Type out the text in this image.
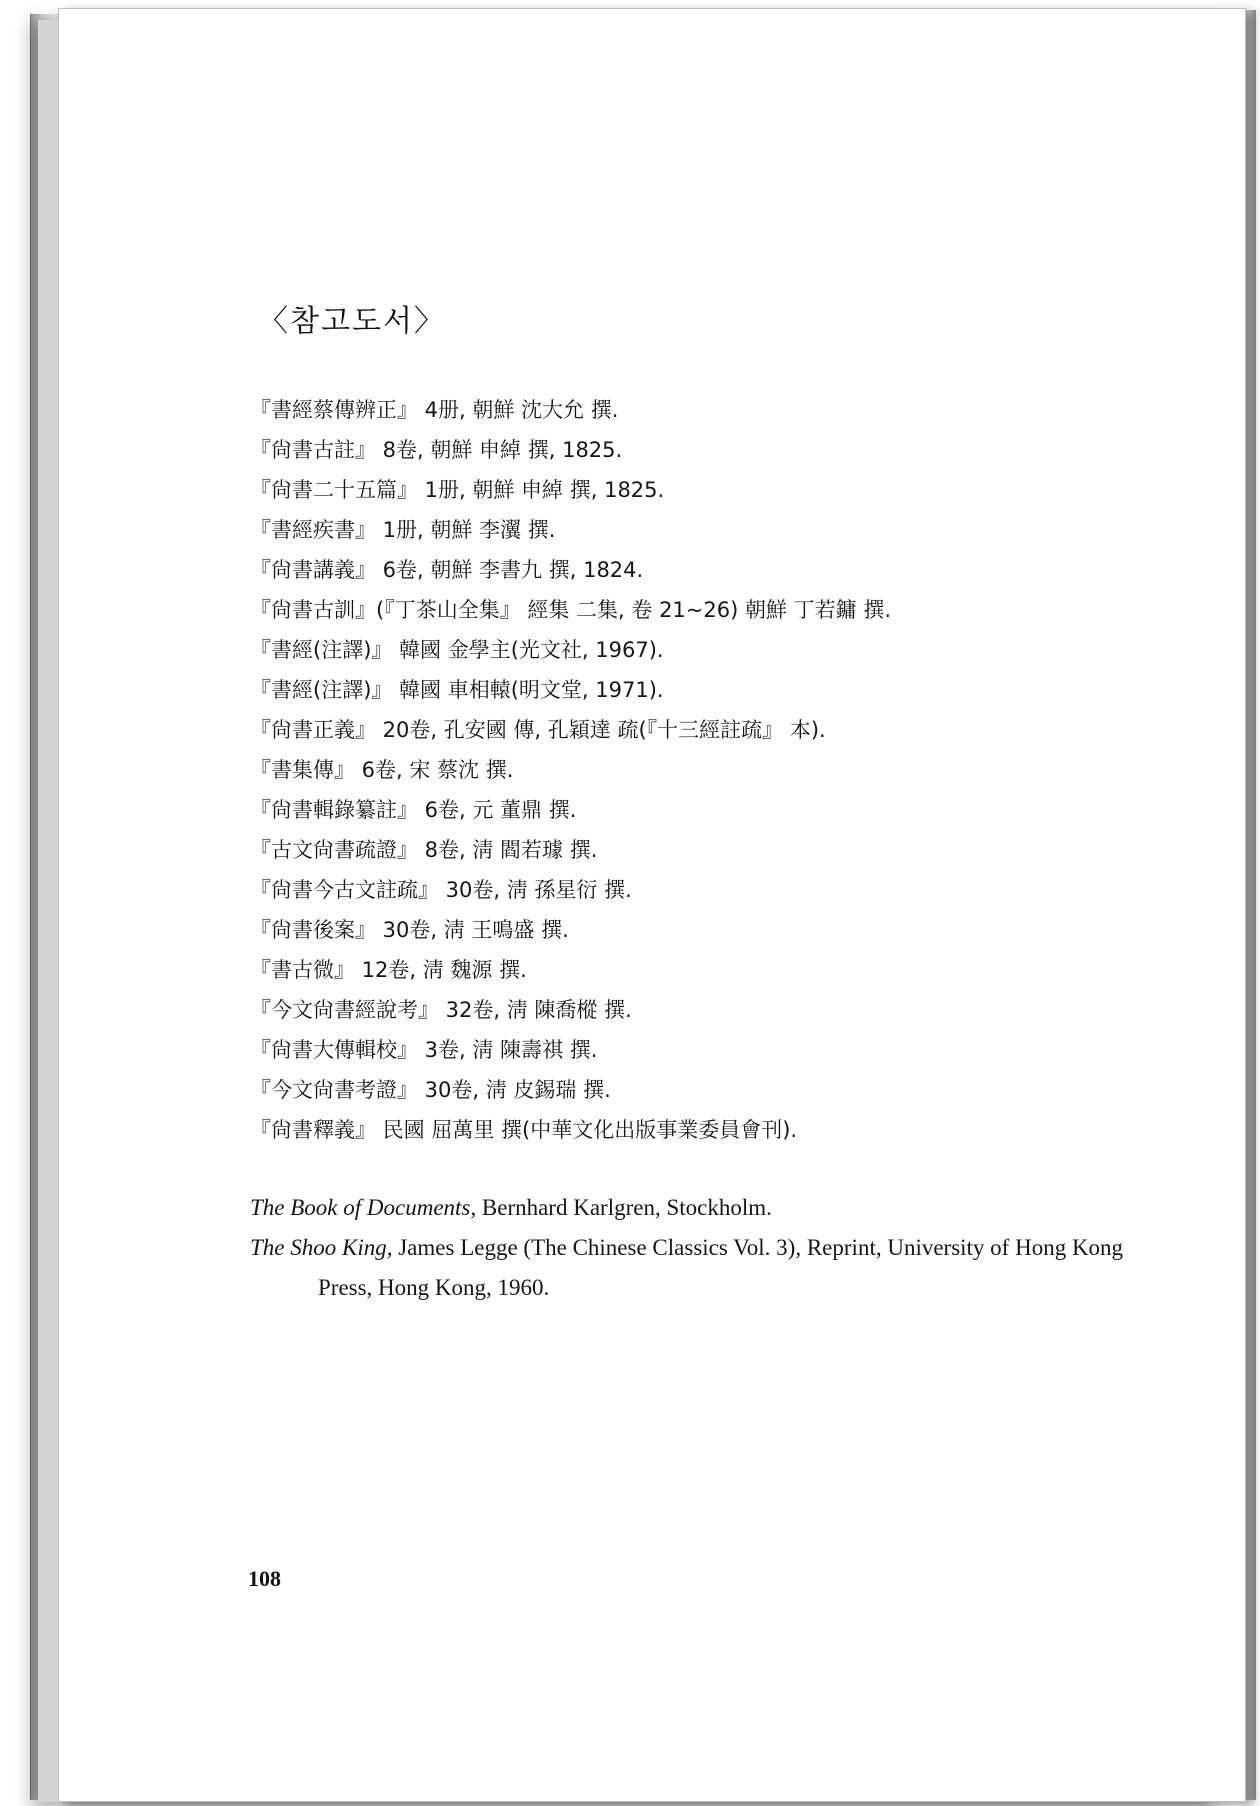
〈참고도서〉
『書經蔡傳辨正』 4册, 朝鮮 沈大允 撰.
『尙書古註』 8卷, 朝鮮 申綽 撰, 1825.
『尙書二十五篇』 1册, 朝鮮 申綽 撰, 1825.
『書經疾書』 1册, 朝鮮 李瀷 撰.
『尙書講義』 6卷, 朝鮮 李書九 撰, 1824.
『尙書古訓』(『丁茶山全集』 經集 二集, 卷 21~26) 朝鮮 丁若鏞 撰.
『書經(注譯)』 韓國 金學主(光文社, 1967).
『書經(注譯)』 韓國 車相轅(明文堂, 1971).
『尙書正義』 20卷, 孔安國 傳, 孔穎達 疏(『十三經註疏』 本).
『書集傳』 6卷, 宋 蔡沈 撰.
『尙書輯錄纂註』 6卷, 元 董鼎 撰.
『古文尙書疏證』 8卷, 淸 閻若璩 撰.
『尙書今古文註疏』 30卷, 淸 孫星衍 撰.
『尙書後案』 30卷, 淸 王鳴盛 撰.
『書古微』 12卷, 淸 魏源 撰.
『今文尙書經說考』 32卷, 淸 陳喬樅 撰.
『尙書大傳輯校』 3卷, 淸 陳壽祺 撰.
『今文尙書考證』 30卷, 淸 皮錫瑞 撰.
『尙書釋義』 民國 屈萬里 撰(中華文化出版事業委員會刊).
The Book of Documents, Bernhard Karlgren, Stockholm.
The Shoo King, James Legge (The Chinese Classics Vol. 3), Reprint, University of Hong Kong Press, Hong Kong, 1960.
108
